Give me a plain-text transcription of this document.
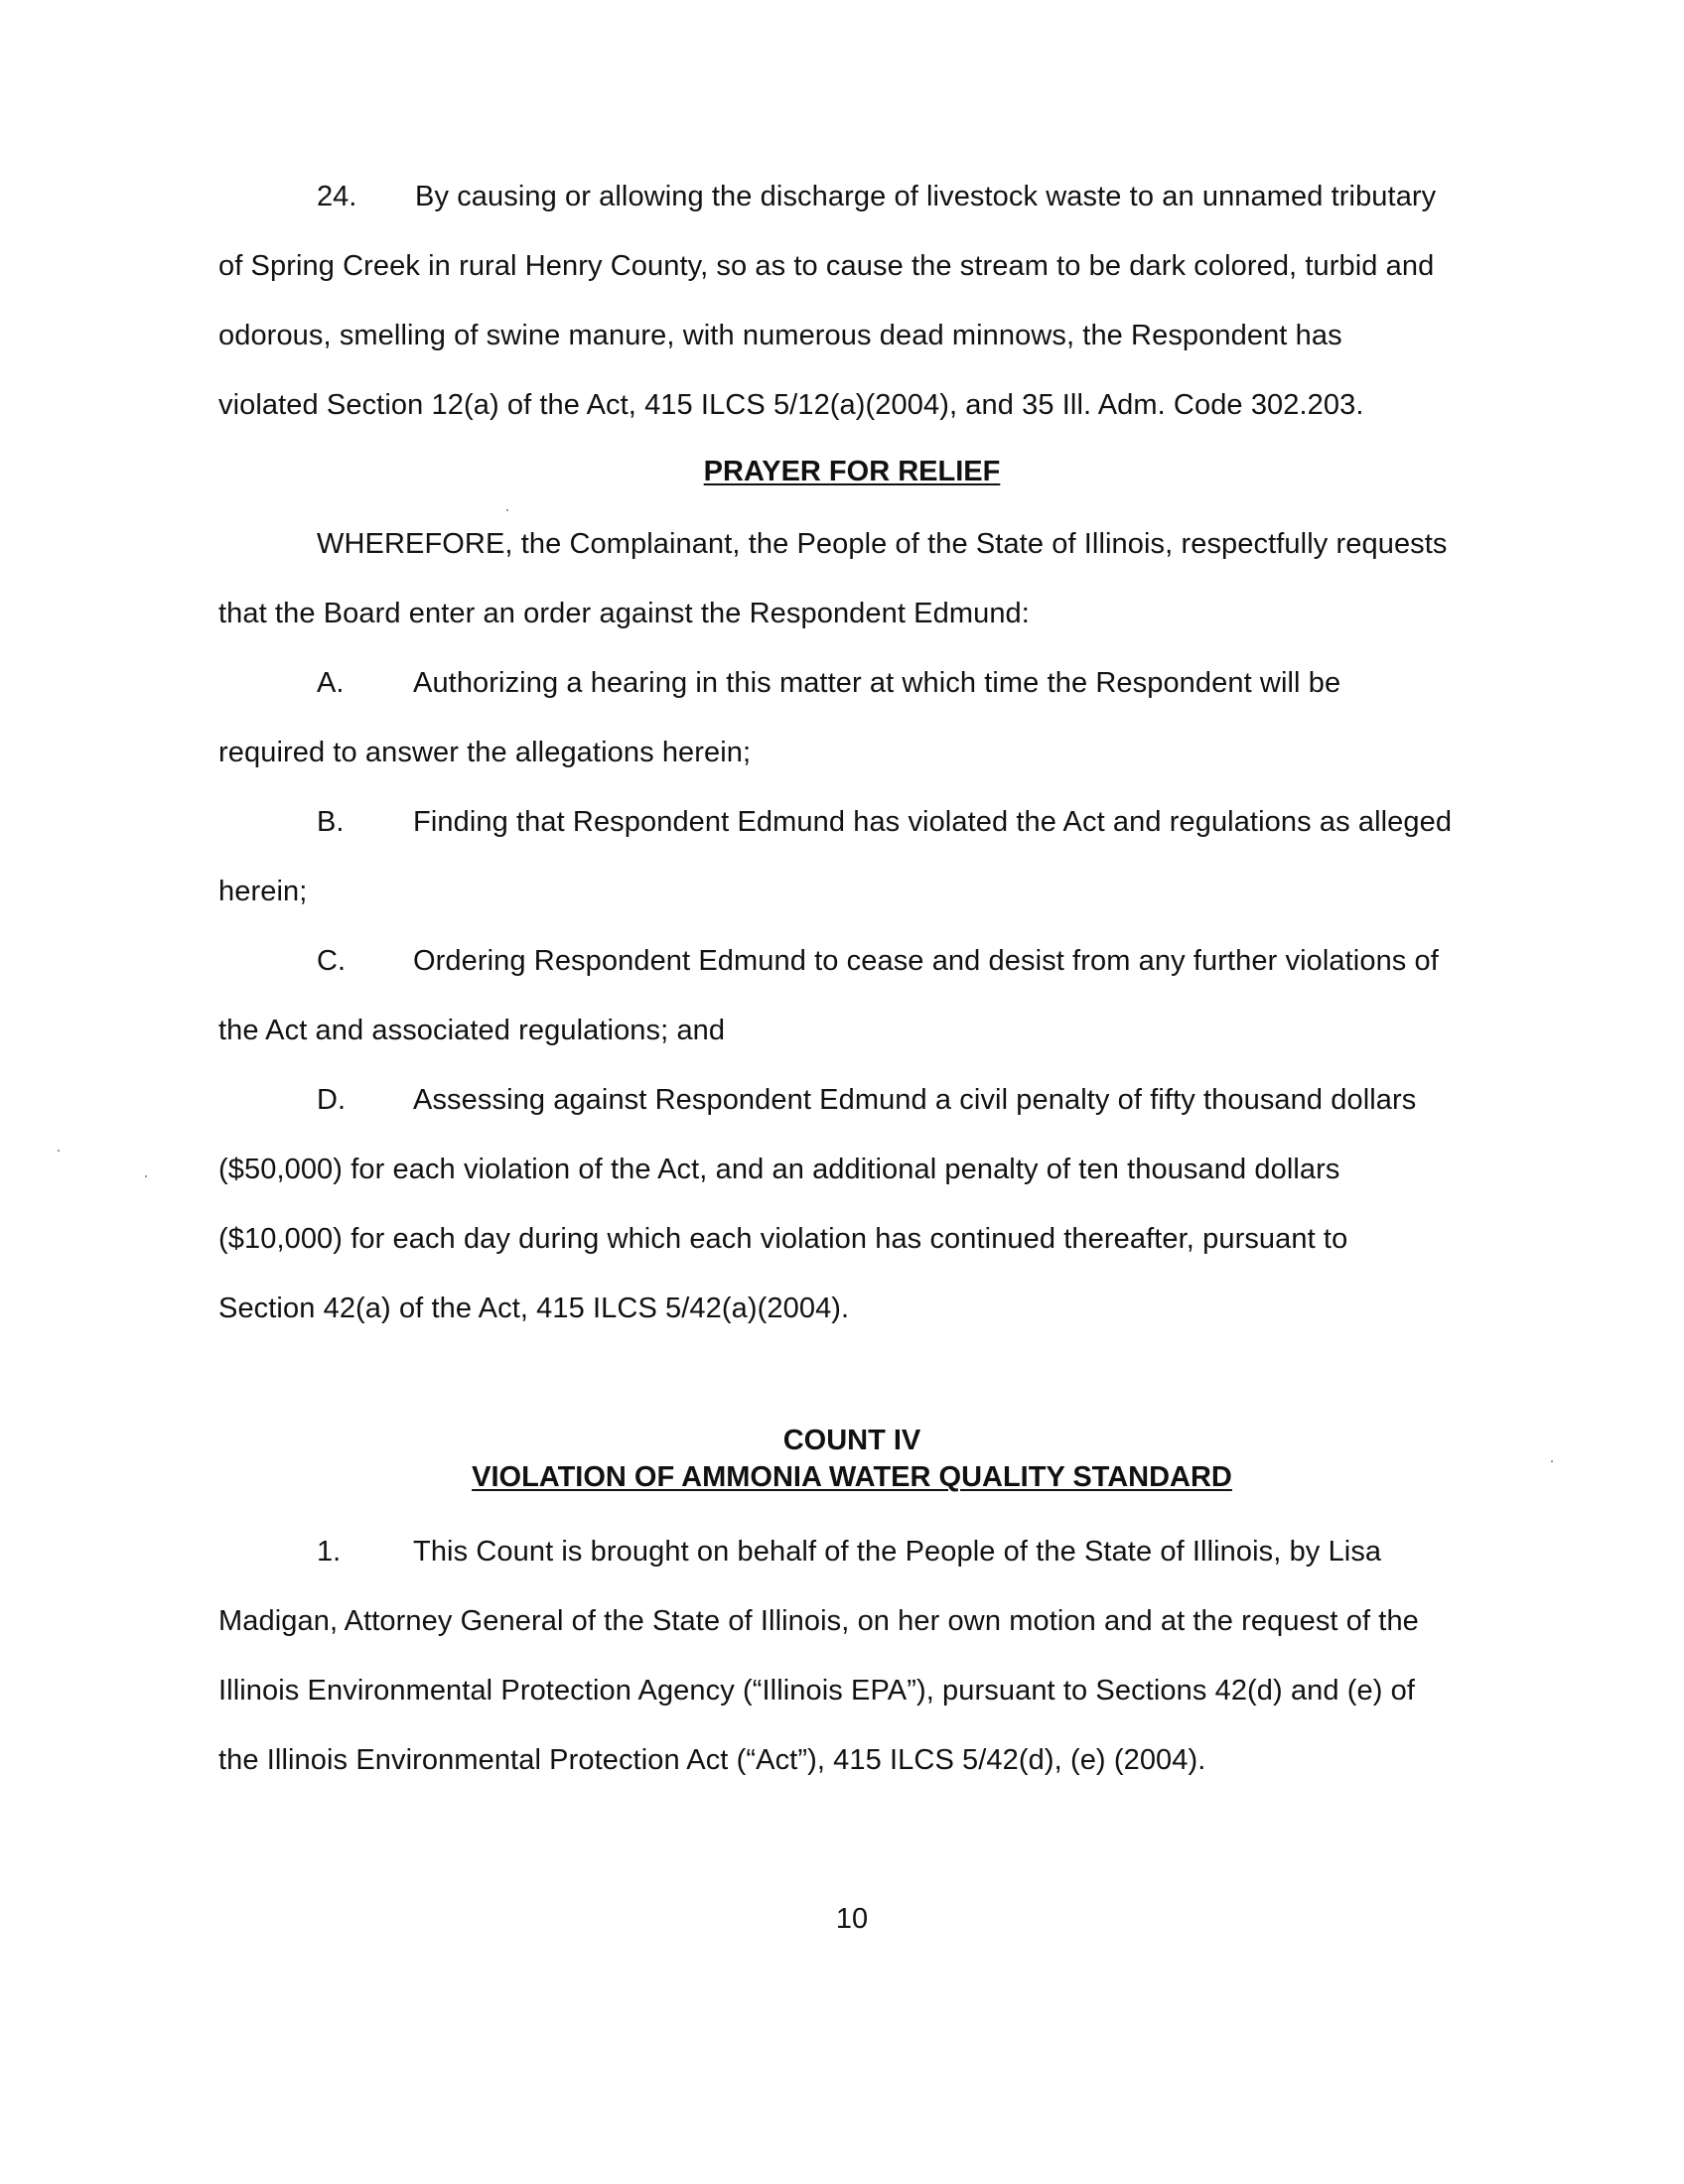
24. By causing or allowing the discharge of livestock waste to an unnamed tributary
of Spring Creek in rural Henry County, so as to cause the stream to be dark colored, turbid and
odorous, smelling of swine manure, with numerous dead minnows, the Respondent has
violated Section 12(a) of the Act, 415 ILCS 5/12(a)(2004), and 35 Ill. Adm. Code 302.203.
PRAYER FOR RELIEF
WHEREFORE, the Complainant, the People of the State of Illinois, respectfully requests
that the Board enter an order against the Respondent Edmund:
A. Authorizing a hearing in this matter at which time the Respondent will be
required to answer the allegations herein;
B. Finding that Respondent Edmund has violated the Act and regulations as alleged
herein;
C. Ordering Respondent Edmund to cease and desist from any further violations of
the Act and associated regulations; and
D. Assessing against Respondent Edmund a civil penalty of fifty thousand dollars
($50,000) for each violation of the Act, and an additional penalty of ten thousand dollars
($10,000) for each day during which each violation has continued thereafter, pursuant to
Section 42(a) of the Act, 415 ILCS 5/42(a)(2004).
COUNT IV
VIOLATION OF AMMONIA WATER QUALITY STANDARD
1.	This Count is brought on behalf of the People of the State of Illinois, by Lisa
Madigan, Attorney General of the State of Illinois, on her own motion and at the request of the
Illinois Environmental Protection Agency (“Illinois EPA”), pursuant to Sections 42(d) and (e) of
the Illinois Environmental Protection Act (“Act”), 415 ILCS 5/42(d), (e) (2004).
10
